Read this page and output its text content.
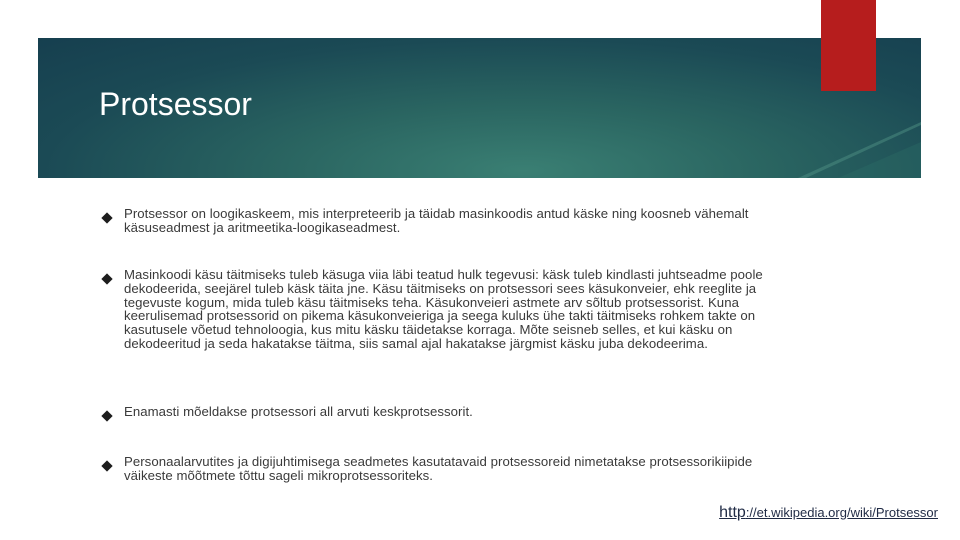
Protsessor
Protsessor on loogikaskeem, mis interpreteerib ja täidab masinkoodis antud käske ning koosneb vähemalt käsuseadmest ja aritmeetika-loogikaseadmest.
Masinkoodi käsu täitmiseks tuleb käsuga viia läbi teatud hulk tegevusi: käsk tuleb kindlasti juhtseadme poole dekodeerida, seejärel tuleb käsk täita jne. Käsu täitmiseks on protsessori sees käsukonveier, ehk reeglite ja tegevuste kogum, mida tuleb käsu täitmiseks teha. Käsukonveieri astmete arv sõltub protsessorist. Kuna keerulisemad protsessorid on pikema käsukonveieriga ja seega kuluks ühe takti täitmiseks rohkem takte on kasutusele võetud tehnoloogia, kus mitu käsku täidetakse korraga. Mõte seisneb selles, et kui käsku on dekodeeritud ja seda hakatakse täitma, siis samal ajal hakatakse järgmist käsku juba dekodeerima.
Enamasti mõeldakse protsessori all arvuti keskprotsessorit.
Personaalarvutites ja digijuhtimisega seadmetes kasutatavaid protsessoreid nimetatakse protsessorikiipide väikeste mõõtmete tõttu sageli mikroprotsessoriteks.
http://et.wikipedia.org/wiki/Protsessor
